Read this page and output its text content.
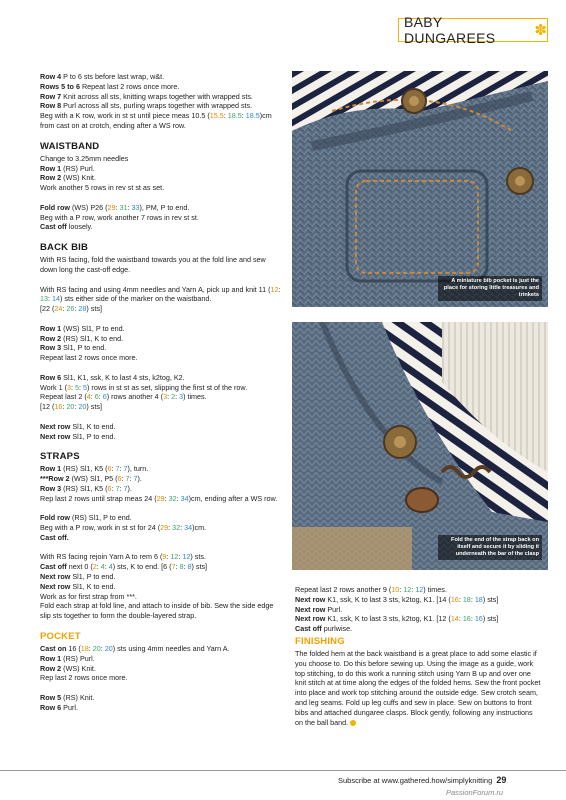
BABY DUNGAREES	✽

Row 4 P to 6 sts before last wrap, w&t.

Rows 5 to 6 Repeat last 2 rows once more.

Row 7 Knit across all sts, knitting wraps together with wrapped sts.

Row 8 Purl across all sts, purling wraps together with wrapped sts.

Beg with a K row, work in st st until piece meas 10.5 (15.5: 18.5: 18.5)cm from cast on at crotch, ending after a WS row.

WAISTBAND

Change to 3.25mm needles

Row 1 (RS) Purl.

Row 2 (WS) Knit.

Work another 5 rows in rev st st as set.

Fold row (WS) P26 (29: 31: 33), PM, P to end.

Beg with a P row, work another 7 rows in rev st st.

Cast off loosely.

BACK BIB

With RS facing, fold the waistband towards you at the fold line and sew down long the cast-off edge.

With RS facing and using 4mm needles and Yarn A, pick up and knit 11 (12: 13: 14) sts either side of the marker on the waistband.

[22 (24: 26: 28) sts]

Row 1 (WS) Sl1, P to end.

Row 2 (RS) Sl1, K to end.

Row 3 Sl1, P to end.

Repeat last 2 rows once more.

Row 6 Sl1, K1, ssk, K to last 4 sts, k2tog, K2.

Work 1 (3: 5: 5) rows in st st as set, slipping the first st of the row.

Repeat last 2 (4: 6: 6) rows another 4 (3: 2: 3) times.

[12 (16: 20: 20) sts]

Next row Sl1, K to end.

Next row Sl1, P to end.

STRAPS

Row 1 (RS) Sl1, K5 (6: 7: 7), turn.

***Row 2 (WS) Sl1, P5 (6: 7: 7).

Row 3 (RS) Sl1, K5 (6: 7: 7).

Rep last 2 rows until strap meas 24 (29: 32: 34)cm, ending after a WS row.

Fold row (RS) Sl1, P to end.

Beg with a P row, work in st st for 24 (29: 32: 34)cm.

Cast off.

With RS facing rejoin Yarn A to rem 6 (9: 12: 12) sts.

Cast off next 0 (2: 4: 4) sts, K to end. [6 (7: 8: 8) sts]

Next row Sl1, P to end.

Next row Sl1, K to end.

Work as for first strap from ***.

Fold each strap at fold line, and attach to inside of bib. Sew the side edge slip sts together to form the double-layered strap.

POCKET

Cast on 16 (18: 20: 20) sts using 4mm needles and Yarn A.

Row 1 (RS) Purl.

Row 2 (WS) Knit.

Rep last 2 rows once more.

Row 5 (RS) Knit.

Row 6 Purl.

A miniature bib pocket is just the place for storing little treasures and trinkets
Fold the end of the strap back on itself and secure it by sliding it underneath the bar of the clasp

Repeat last 2 rows another 9 (10: 12: 12) times.

Next row K1, ssk, K to last 3 sts, k2tog, K1. [14 (16: 18: 18) sts]

Next row Purl.

Next row K1, ssk, K to last 3 sts, k2tog, K1. [12 (14: 16: 16) sts]

Cast off purlwise.

FINISHING

The folded hem at the back waistband is a great place to add some elastic if you choose to. Do this before sewing up. Using the image as a guide, work top stitching, to do this work a running stitch using Yarn B up and over one knit stitch at at time along the edges of the folded hems. Sew the front pocket into place and work top stitching around the outside edge. Sew crotch seam, and leg seams. Fold up leg cuffs and sew in place. Sew on buttons to front bibs and attached dungaree clasps. Block gently, following any instructions on the ball band.

Subscribe at www.gathered.how/simplyknitting 29
PassionForum.ru
